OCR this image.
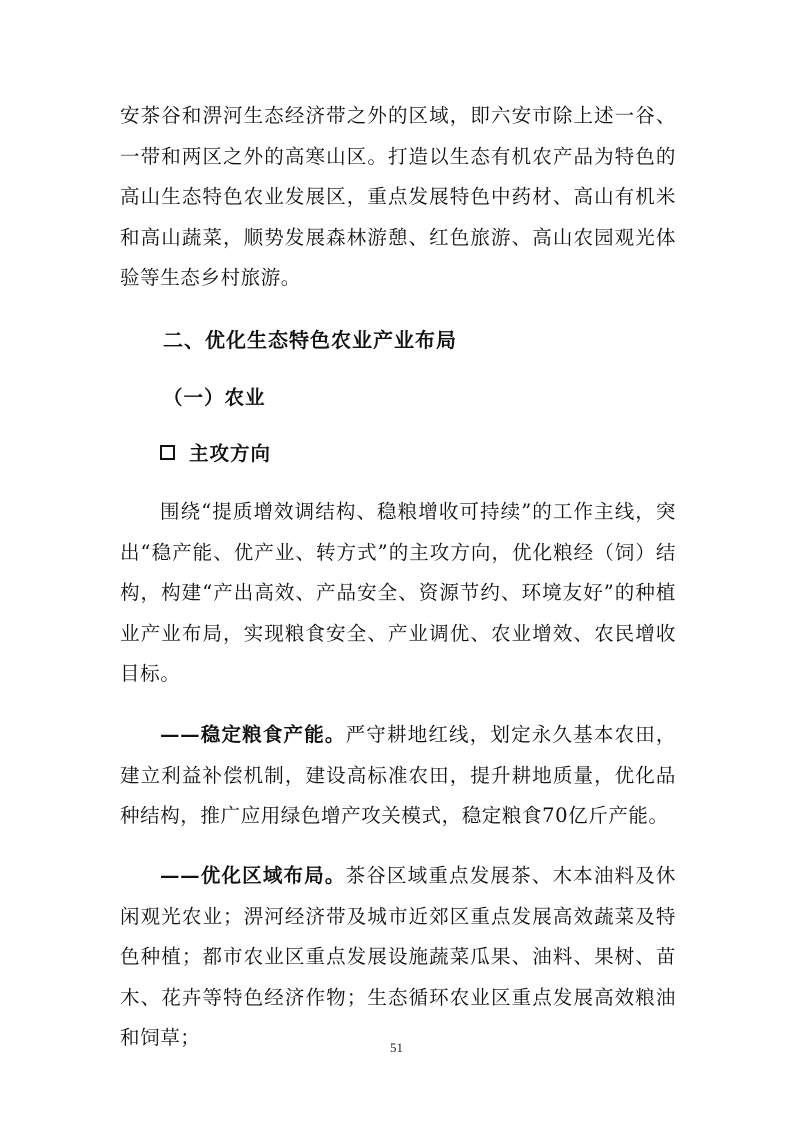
安茶谷和淠河生态经济带之外的区域，即六安市除上述一谷、一带和两区之外的高寒山区。打造以生态有机农产品为特色的高山生态特色农业发展区，重点发展特色中药材、高山有机米和高山蔬菜，顺势发展森林游憩、红色旅游、高山农园观光体验等生态乡村旅游。

二、优化生态特色农业产业布局
（一）农业
主攻方向

围绕“提质增效调结构、稳粮增收可持续”的工作主线，突出“稳产能、优产业、转方式”的主攻方向，优化粮经（饲）结构，构建“产出高效、产品安全、资源节约、环境友好”的种植业产业布局，实现粮食安全、产业调优、农业增效、农民增收目标。

——稳定粮食产能。严守耕地红线，划定永久基本农田，建立利益补偿机制，建设高标准农田，提升耕地质量，优化品种结构，推广应用绿色增产攻关模式，稳定粮食70亿斤产能。

——优化区域布局。茶谷区域重点发展茶、木本油料及休闲观光农业；淠河经济带及城市近郊区重点发展高效蔬菜及特色种植；都市农业区重点发展设施蔬菜瓜果、油料、果树、苗木、花卉等特色经济作物；生态循环农业区重点发展高效粮油和饲草；	51
